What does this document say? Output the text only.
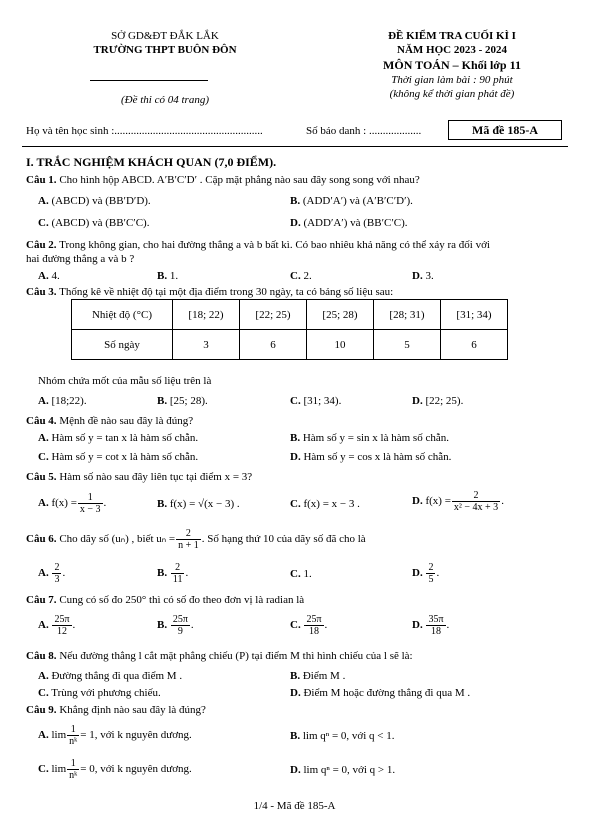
SỞ GD&ĐT ĐẮK LẮK
TRƯỜNG THPT BUÔN ĐÔN
(Đề thi có 04 trang)
ĐỀ KIỂM TRA CUỐI KÌ I
NĂM HỌC 2023 - 2024
MÔN TOÁN – Khối lớp 11
Thời gian làm bài : 90 phút
(không kể thời gian phát đề)
Họ và tên học sinh :......................................................	Số báo danh : ...................	Mã đề 185-A
I. TRẮC NGHIỆM KHÁCH QUAN (7,0 ĐIỂM).
Câu 1. Cho hình hộp ABCD. A′B′C′D′ . Cặp mặt phẳng nào sau đây song song với nhau?
A. (ABCD) và (BB′D′D).	B. (ADD′A′) và (A′B′C′D′).
C. (ABCD) và (BB′C′C).	D. (ADD′A′) và (BB′C′C).
Câu 2. Trong không gian, cho hai đường thẳng a và b bất kì. Có bao nhiêu khả năng có thể xảy ra đối với
hai đường thẳng a và b ?
A. 4.	B. 1.	C. 2.	D. 3.
Câu 3. Thống kê về nhiệt độ tại một địa điểm trong 30 ngày, ta có bảng số liệu sau:
Nhiệt độ (°C)	[18; 22)	[22; 25)	[25; 28)	[28; 31)	[31; 34)
Số ngày	3	6	10	5	6
Nhóm chứa mốt của mẫu số liệu trên là
A. [18;22).	B. [25; 28).	C. [31; 34).	D. [22; 25).
Câu 4. Mệnh đề nào sau đây là đúng?
A. Hàm số y = tan x là hàm số chẵn.	B. Hàm số y = sin x là hàm số chẵn.
C. Hàm số y = cot x là hàm số chẵn.	D. Hàm số y = cos x là hàm số chẵn.
Câu 5. Hàm số nào sau đây liên tục tại điểm x = 3?
A. $f(x) = \frac{1}{x - 3}$ .	B. f(x) = √(x − 3) .	C. f(x) = x − 3 .	D. $f(x) = \frac{2}{\text{x² − 4x + 3}}$ .
Câu 6. Cho dãy số (uₙ) , biết $u_n = \frac{2}{n + 1}$ . Số hạng thứ 10 của dãy số đã cho là
A. $\frac{2}{3}$ .	B. $\frac{2}{11}$ .	C. 1.	D. $\frac{2}{5}$ .
Câu 7. Cung có số đo 250° thì có số đo theo đơn vị là radian là
A. $\frac{25\pi}{12}$ .	B. $\frac{25\pi}{9}$ .	C. $\frac{25\pi}{18}$ .	D. $\frac{35\pi}{18}$ .
Câu 8. Nếu đường thẳng l cắt mặt phẳng chiếu (P) tại điểm M thì hình chiếu của l sẽ là:
A. Đường thẳng đi qua điểm M .	B. Điểm M .
C. Trùng với phương chiếu.	D. Điểm M hoặc đường thẳng đi qua M .
Câu 9. Khẳng định nào sau đây là đúng?
A. $\lim \frac{1}{\text{nᵏ}} = 1$, với k nguyên dương.	B. lim qⁿ = 0, với q < 1.
C. $\lim \frac{1}{\text{nᵏ}} = 0$, với k nguyên dương.	D. lim qⁿ = 0, với q > 1.
1/4 - Mã đề 185-A
